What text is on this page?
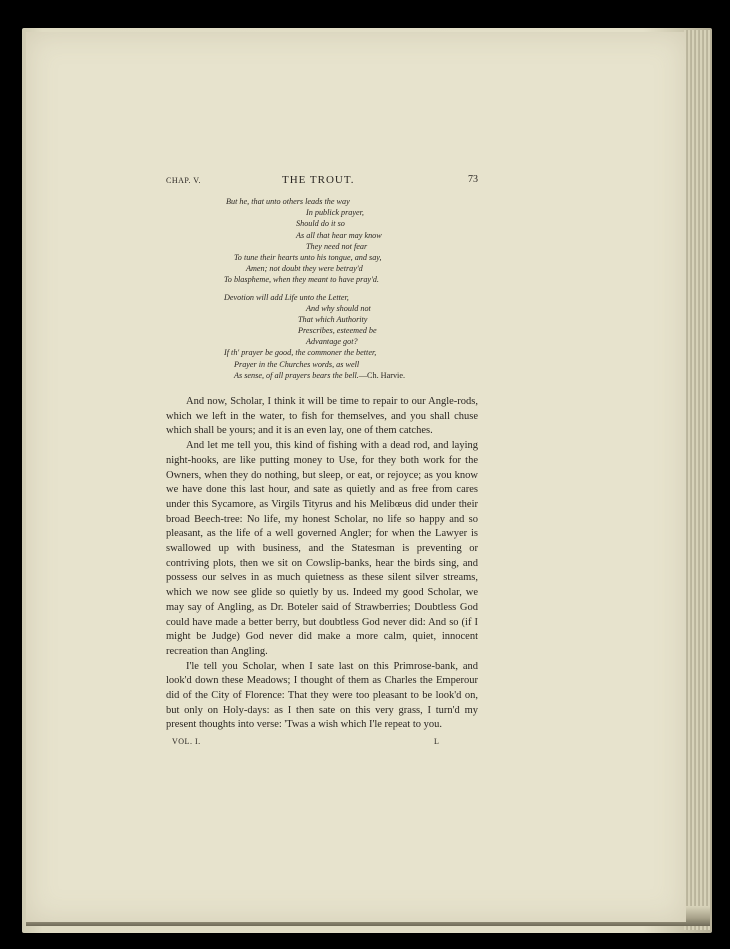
CHAP. V.	THE TROUT.	73
But he, that unto others leads the way
In publick prayer,
Should do it so
As all that hear may know
They need not fear
To tune their hearts unto his tongue, and say,
Amen; not doubt they were betray'd
To blaspheme, when they meant to have pray'd.
Devotion will add Life unto the Letter,
And why should not
That which Authority
Prescribes, esteemed be
Advantage got?
If th' prayer be good, the commoner the better,
Prayer in the Churches words, as well
As sense, of all prayers bears the bell.—Ch. Harvie.

And now, Scholar, I think it will be time to repair to our Angle-rods, which we left in the water, to fish for themselves, and you shall chuse which shall be yours; and it is an even lay, one of them catches.

And let me tell you, this kind of fishing with a dead rod, and laying night-hooks, are like putting money to Use, for they both work for the Owners, when they do nothing, but sleep, or eat, or rejoyce; as you know we have done this last hour, and sate as quietly and as free from cares under this Sycamore, as Virgils Tityrus and his Melibœus did under their broad Beech-tree: No life, my honest Scholar, no life so happy and so pleasant, as the life of a well governed Angler; for when the Lawyer is swallowed up with business, and the Statesman is preventing or contriving plots, then we sit on Cowslip-banks, hear the birds sing, and possess our selves in as much quietness as these silent silver streams, which we now see glide so quietly by us. Indeed my good Scholar, we may say of Angling, as Dr. Boteler said of Strawberries; Doubtless God could have made a better berry, but doubtless God never did: And so (if I might be Judge) God never did make a more calm, quiet, innocent recreation than Angling.

I'le tell you Scholar, when I sate last on this Primrose-bank, and look'd down these Meadows; I thought of them as Charles the Emperour did of the City of Florence: That they were too pleasant to be look'd on, but only on Holy-days: as I then sate on this very grass, I turn'd my present thoughts into verse: 'Twas a wish which I'le repeat to you.

VOL. I.	L
